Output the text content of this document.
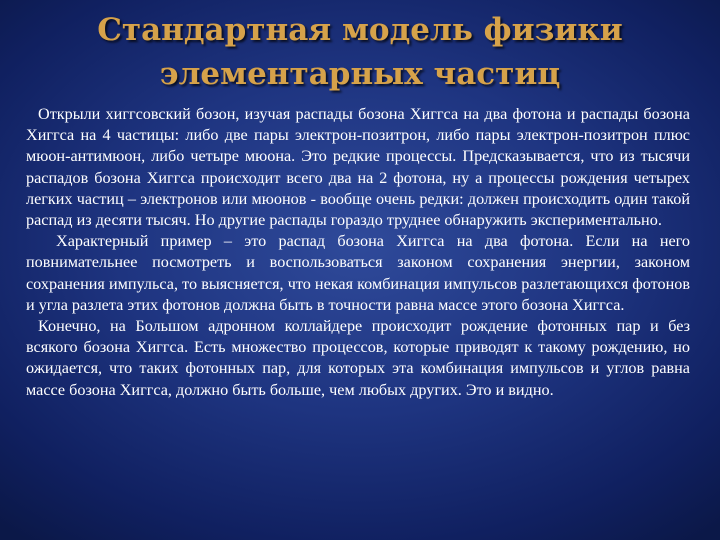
Стандартная модель физики
элементарных частиц

Открыли хиггсовский бозон, изучая распады бозона Хиггса на два фотона и распады бозона Хиггса на 4 частицы: либо две пары электрон-позитрон, либо пары электрон-позитрон плюс мюон-антимюон, либо четыре мюона. Это редкие процессы. Предсказывается, что из тысячи распадов бозона Хиггса происходит всего два на 2 фотона, ну а процессы рождения четырех легких частиц – электронов или мюонов - вообще очень редки: должен происходить один такой распад из десяти тысяч. Но другие распады гораздо труднее обнаружить экспериментально.

Характерный пример – это распад бозона Хиггса на два фотона. Если на него повнимательнее посмотреть и воспользоваться законом сохранения энергии, законом сохранения импульса, то выясняется, что некая комбинация импульсов разлетающихся фотонов и угла разлета этих фотонов должна быть в точности равна массе этого бозона Хиггса.

Конечно, на Большом адронном коллайдере происходит рождение фотонных пар и без всякого бозона Хиггса. Есть множество процессов, которые приводят к такому рождению, но ожидается, что таких фотонных пар, для которых эта комбинация импульсов и углов равна массе бозона Хиггса, должно быть больше, чем любых других. Это и видно.
